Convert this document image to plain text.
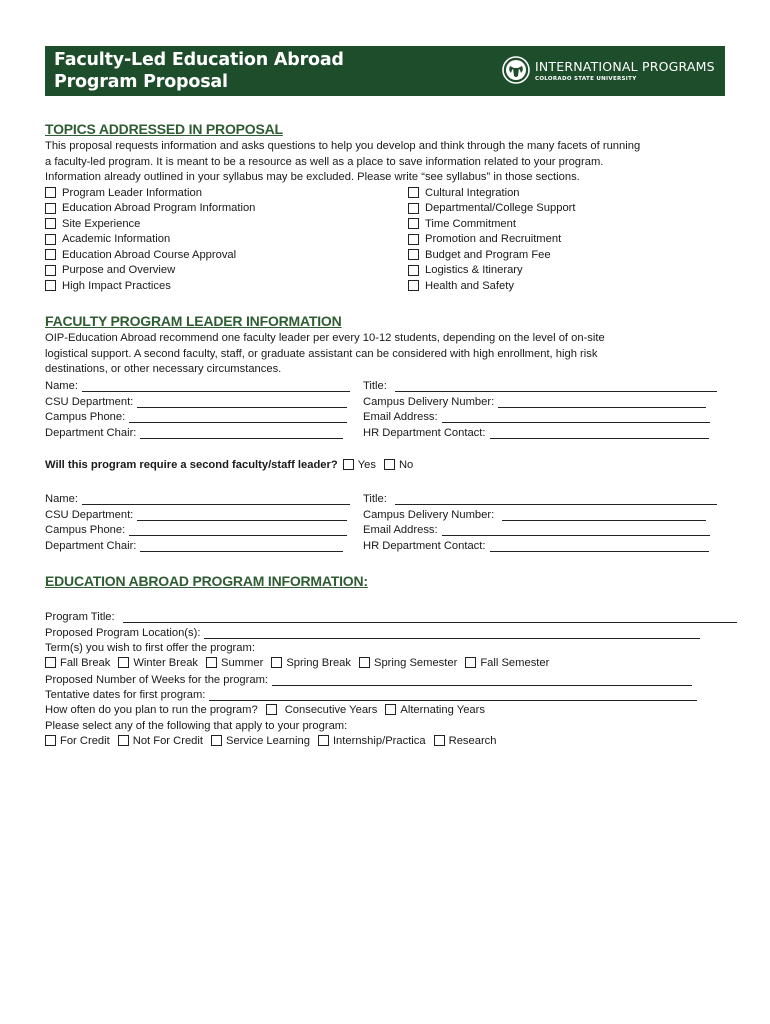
Faculty-Led Education Abroad
Program Proposal
INTERNATIONAL PROGRAMS
COLORADO STATE UNIVERSITY
TOPICS ADDRESSED IN PROPOSAL
This proposal requests information and asks questions to help you develop and think through the many facets of running
a faculty-led program. It is meant to be a resource as well as a place to save information related to your program.
Information already outlined in your syllabus may be excluded. Please write “see syllabus” in those sections.
Program Leader Information
Education Abroad Program Information
Site Experience
Academic Information
Education Abroad Course Approval
Purpose and Overview
High Impact Practices
Cultural Integration
Departmental/College Support
Time Commitment
Promotion and Recruitment
Budget and Program Fee
Logistics & Itinerary
Health and Safety
FACULTY PROGRAM LEADER INFORMATION
OIP-Education Abroad recommend one faculty leader per every 10-12 students, depending on the level of on-site
logistical support. A second faculty, staff, or graduate assistant can be considered with high enrollment, high risk
destinations, or other necessary circumstances.
Name:	Title:
CSU Department:	Campus Delivery Number:
Campus Phone:	Email Address:
Department Chair:	HR Department Contact:
Will this program require a second faculty/staff leader? Yes No
Name:	Title:
CSU Department:	Campus Delivery Number:
Campus Phone:	Email Address:
Department Chair:	HR Department Contact:
EDUCATION ABROAD PROGRAM INFORMATION:
Program Title:
Proposed Program Location(s):
Term(s) you wish to first offer the program:
Fall Break Winter Break Summer Spring Break Spring Semester Fall Semester
Proposed Number of Weeks for the program:
Tentative dates for first program:
How often do you plan to run the program? Consecutive Years Alternating Years
Please select any of the following that apply to your program:
For Credit Not For Credit Service Learning Internship/Practica Research
